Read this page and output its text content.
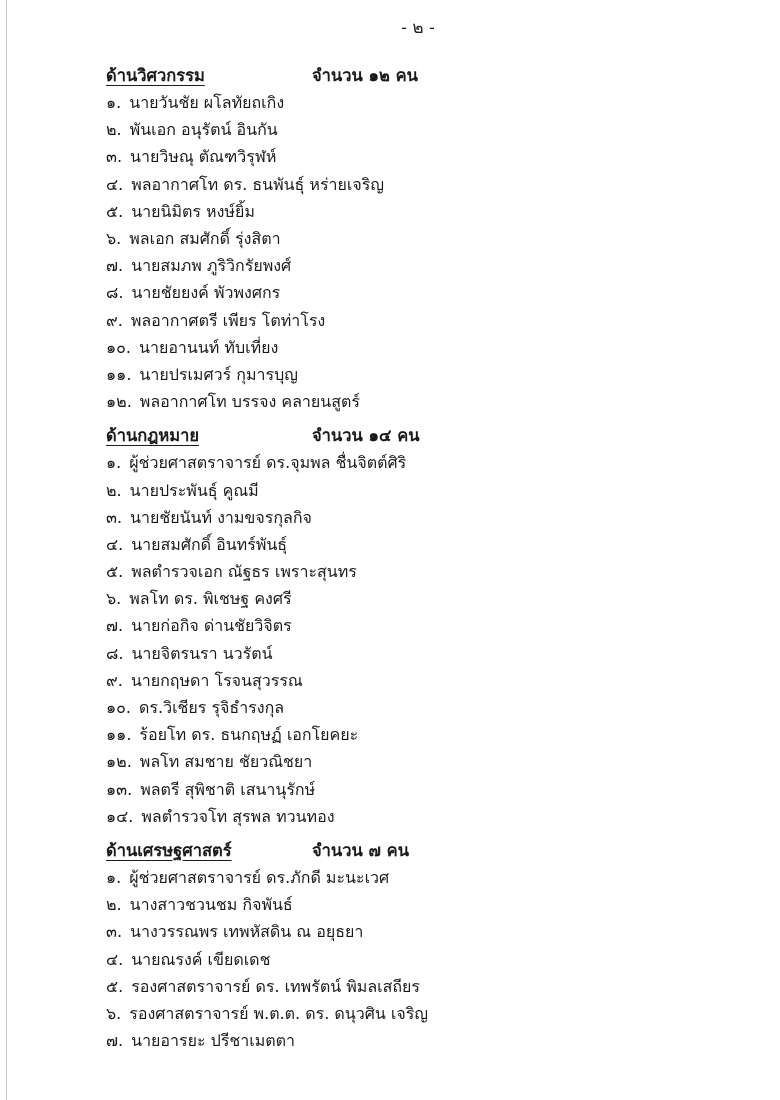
- ๒ -
ด้านวิศวกรรม	จำนวน ๑๒ คน
๑. นายวันชัย ผโลทัยถเกิง
๒. พันเอก อนุรัตน์ อินกัน
๓. นายวิษณุ ตัณฑวิรุฬห์
๔. พลอากาศโท ดร. ธนพันธุ์ หร่ายเจริญ
๕. นายนิมิตร หงษ์ยิ้ม
๖. พลเอก สมศักดิ์ รุ่งสิตา
๗. นายสมภพ ภูริวิกรัยพงศ์
๘. นายชัยยงค์ พัวพงศกร
๙. พลอากาศตรี เพียร โตท่าโรง
๑๐. นายอานนท์ ทับเที่ยง
๑๑. นายปรเมศวร์ กุมารบุญ
๑๒. พลอากาศโท บรรจง คลายนสูตร์
ด้านกฎหมาย	จำนวน ๑๔ คน
๑. ผู้ช่วยศาสตราจารย์ ดร.จุมพล ชื่นจิตต์ศิริ
๒. นายประพันธุ์ คูณมี
๓. นายชัยนันท์ งามขจรกุลกิจ
๔. นายสมศักดิ์ อินทร์พันธุ์
๕. พลตำรวจเอก ณัฐธร เพราะสุนทร
๖. พลโท ดร. พิเชษฐ คงศรี
๗. นายก่อกิจ ด่านชัยวิจิตร
๘. นายจิตรนรา นวรัตน์
๙. นายกฤษดา โรจนสุวรรณ
๑๐. ดร.วิเชียร รุจิธำรงกุล
๑๑. ร้อยโท ดร. ธนกฤษฏ์ เอกโยคยะ
๑๒. พลโท สมชาย ชัยวณิชยา
๑๓. พลตรี สุพิชาติ เสนานุรักษ์
๑๔. พลตำรวจโท สุรพล ทวนทอง
ด้านเศรษฐศาสตร์	จำนวน ๗ คน
๑. ผู้ช่วยศาสตราจารย์ ดร.ภักดี มะนะเวศ
๒. นางสาวชวนชม กิจพันธ์
๓. นางวรรณพร เทพหัสดิน ณ อยุธยา
๔. นายณรงค์ เขียดเดช
๕. รองศาสตราจารย์ ดร. เทพรัตน์ พิมลเสถียร
๖. รองศาสตราจารย์ พ.ต.ต. ดร. ดนุวศิน เจริญ
๗. นายอารยะ ปรีชาเมตตา
